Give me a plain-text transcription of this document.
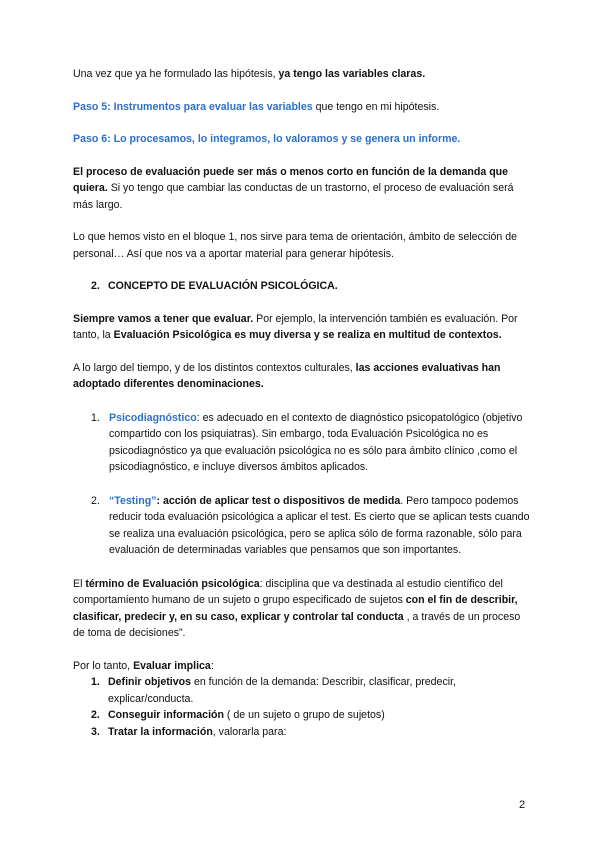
Una vez que ya he formulado las hipótesis, ya tengo las variables claras.

Paso 5: Instrumentos para evaluar las variables que tengo en mi hipótesis.

Paso 6: Lo procesamos, lo integramos, lo valoramos y se genera un informe.

El proceso de evaluación puede ser más o menos corto en función de la demanda que quiera. Si yo tengo que cambiar las conductas de un trastorno, el proceso de evaluación será más largo.

Lo que hemos visto en el bloque 1, nos sirve para tema de orientación, ámbito de selección de personal… Así que nos va a aportar material para generar hipótesis.

2. CONCEPTO DE EVALUACIÓN PSICOLÓGICA.

Siempre vamos a tener que evaluar. Por ejemplo, la intervención también es evaluación. Por tanto, la Evaluación Psicológica es muy diversa y se realiza en multitud de contextos.

A lo largo del tiempo, y de los distintos contextos culturales, las acciones evaluativas han adoptado diferentes denominaciones.

1. Psicodiagnóstico: es adecuado en el contexto de diagnóstico psicopatológico (objetivo compartido con los psiquiatras). Sin embargo, toda Evaluación Psicológica no es psicodiagnóstico ya que evaluación psicológica no es sólo para ámbito clínico ,como el psicodiagnóstico, e incluye diversos ámbitos aplicados.

2. “Testing”: acción de aplicar test o dispositivos de medida. Pero tampoco podemos reducir toda evaluación psicológica a aplicar el test. Es cierto que se aplican tests cuando se realiza una evaluación psicológica, pero se aplica sólo de forma razonable, sólo para evaluación de determinadas variables que pensamos que son importantes.

El término de Evaluación psicológica: disciplina que va destinada al estudio científico del comportamiento humano de un sujeto o grupo especificado de sujetos con el fin de describir, clasificar, predecir y, en su caso, explicar y controlar tal conducta , a través de un proceso de toma de decisiones”.

Por lo tanto, Evaluar implica:

1. Definir objetivos en función de la demanda: Describir, clasificar, predecir, explicar/conducta.

2. Conseguir información ( de un sujeto o grupo de sujetos)

3. Tratar la información, valorarla para:

2
